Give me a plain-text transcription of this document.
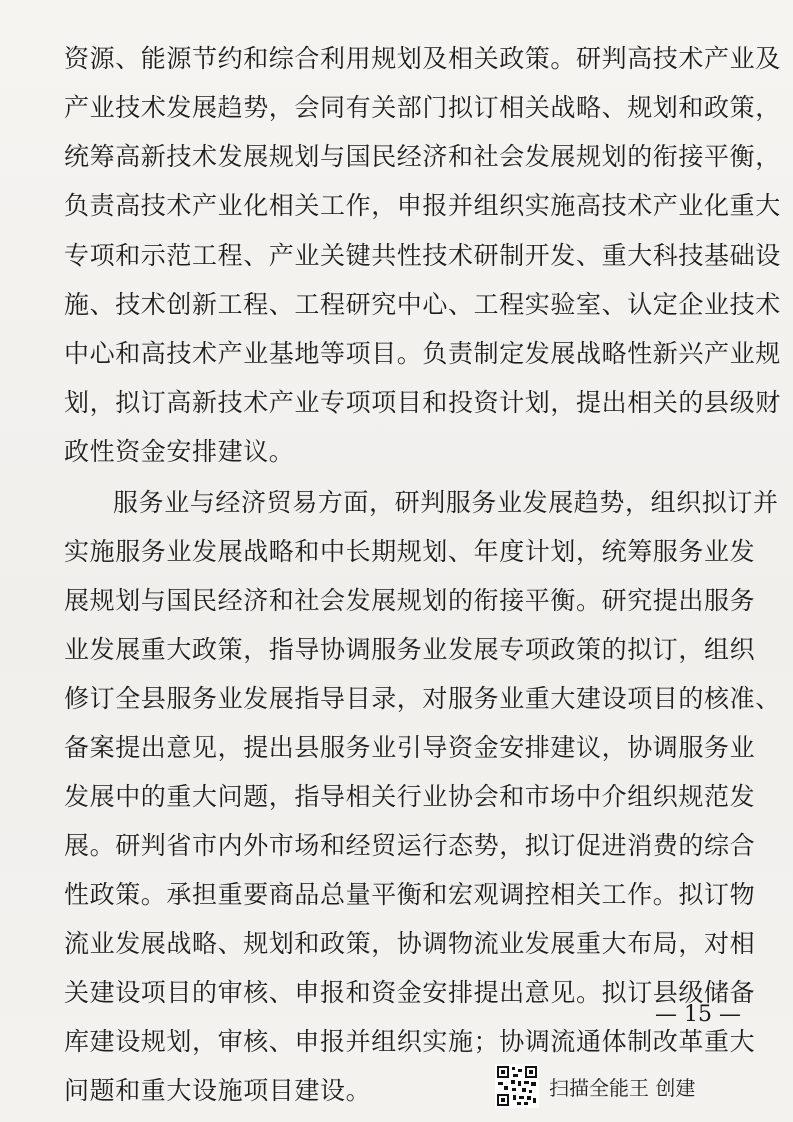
资源、能源节约和综合利用规划及相关政策。研判高技术产业及
产业技术发展趋势，会同有关部门拟订相关战略、规划和政策，
统筹高新技术发展规划与国民经济和社会发展规划的衔接平衡，
负责高技术产业化相关工作，申报并组织实施高技术产业化重大
专项和示范工程、产业关键共性技术研制开发、重大科技基础设
施、技术创新工程、工程研究中心、工程实验室、认定企业技术
中心和高技术产业基地等项目。负责制定发展战略性新兴产业规
划，拟订高新技术产业专项项目和投资计划，提出相关的县级财
政性资金安排建议。
服务业与经济贸易方面，研判服务业发展趋势，组织拟订并
实施服务业发展战略和中长期规划、年度计划，统筹服务业发
展规划与国民经济和社会发展规划的衔接平衡。研究提出服务
业发展重大政策，指导协调服务业发展专项政策的拟订，组织
修订全县服务业发展指导目录，对服务业重大建设项目的核准、
备案提出意见，提出县服务业引导资金安排建议，协调服务业
发展中的重大问题，指导相关行业协会和市场中介组织规范发
展。研判省市内外市场和经贸运行态势，拟订促进消费的综合
性政策。承担重要商品总量平衡和宏观调控相关工作。拟订物
流业发展战略、规划和政策，协调物流业发展重大布局，对相
关建设项目的审核、申报和资金安排提出意见。拟订县级储备
库建设规划，审核、申报并组织实施；协调流通体制改革重大
问题和重大设施项目建设。
— 15 —
扫描全能王 创建
